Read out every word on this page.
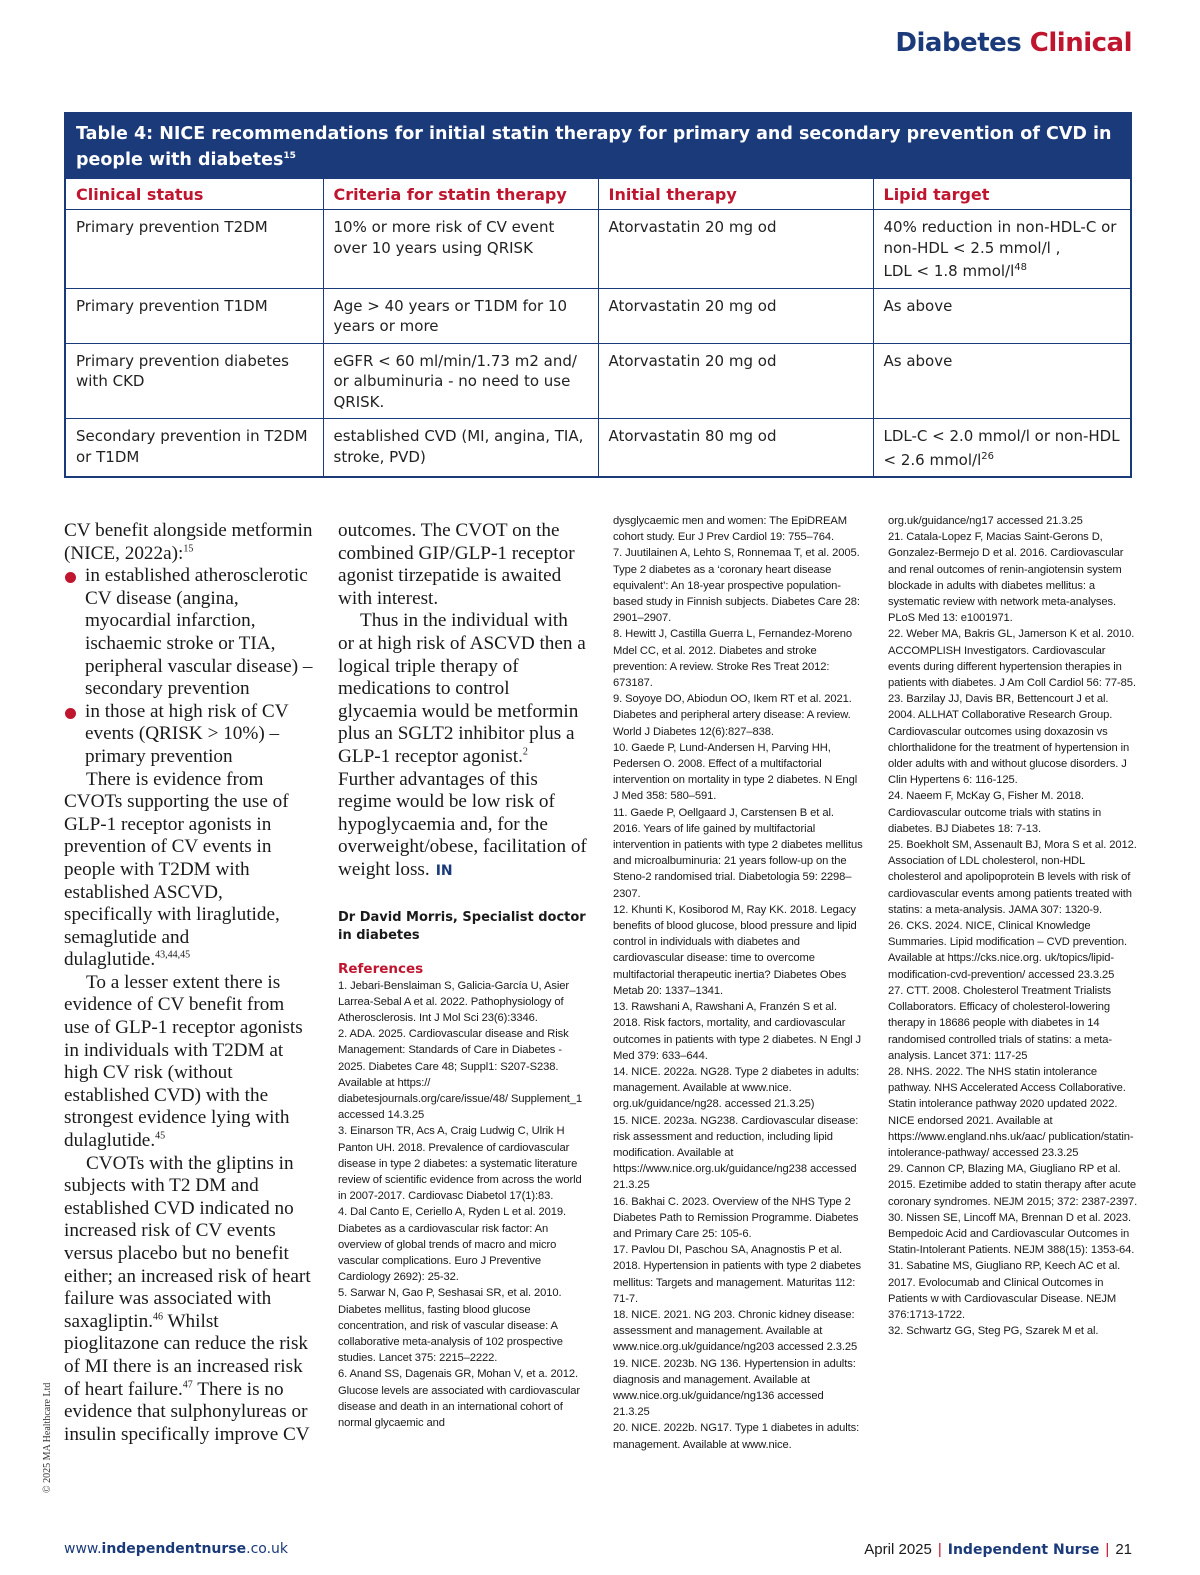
Diabetes Clinical
Table 4: NICE recommendations for initial statin therapy for primary and secondary prevention of CVD in people with diabetes$^{15}$
Clinical status	Criteria for statin therapy	Initial therapy	Lipid target
Primary prevention T2DM	10% or more risk of CV event over 10 years using QRISK	Atorvastatin 20 mg od	40% reduction in non-HDL-C or
non-HDL < 2.5 mmol/l ,
LDL < 1.8 mmol/$l^{48}$

Primary prevention T1DM	Age > 40 years or T1DM for 10 years or more	Atorvastatin 20 mg od	As above
Primary prevention diabetes with CKD	eGFR < 60 ml/min/1.73 m2 and/ or albuminuria - no need to use QRISK.	Atorvastatin 20 mg od	As above
Secondary prevention in T2DM or T1DM	established CVD (MI, angina, TIA, stroke, PVD)	Atorvastatin 80 mg od	LDL-C < 2.0 mmol/l or non-HDL < 2.6 mmol/$l^{26}$

CV benefit alongside metformin (NICE, 2022a):$^{15}$

in established atherosclerotic CV disease (angina, myocardial infarction, ischaemic stroke or TIA, peripheral vascular disease) – secondary prevention

in those at high risk of CV events (QRISK > 10%) – primary prevention

There is evidence from CVOTs supporting the use of GLP-1 receptor agonists in prevention of CV events in people with T2DM with established ASCVD, specifically with liraglutide, semaglutide and dulaglutide.$^{43,44,45}$

To a lesser extent there is evidence of CV benefit from use of GLP-1 receptor agonists in individuals with T2DM at high CV risk (without established CVD) with the strongest evidence lying with dulaglutide.$^{45}$

CVOTs with the gliptins in subjects with T2 DM and established CVD indicated no increased risk of CV events versus placebo but no benefit either; an increased risk of heart failure was associated with saxagliptin.$^{46}$ Whilst pioglitazone can reduce the risk of MI there is an increased risk of heart failure.$^{47}$ There is no evidence that sulphonylureas or insulin specifically improve CV

outcomes. The CVOT on the combined GIP/GLP-1 receptor agonist tirzepatide is awaited with interest.

Thus in the individual with or at high risk of ASCVD then a logical triple therapy of medications to control glycaemia would be metformin plus an SGLT2 inhibitor plus a GLP-1 receptor agonist.$^2$ Further advantages of this regime would be low risk of hypoglycaemia and, for the overweight/obese, facilitation of weight loss. IN

Dr David Morris, Specialist doctor
in diabetes
References

1. Jebari-Benslaiman S, Galicia-García U, Asier Larrea-Sebal A et al. 2022. Pathophysiology of Atherosclerosis. Int J Mol Sci 23(6):3346.

2. ADA. 2025. Cardiovascular disease and Risk Management: Standards of Care in Diabetes - 2025. Diabetes Care 48; Suppl1: S207-S238. Available at https:// diabetesjournals.org/care/issue/48/ Supplement_1 accessed 14.3.25

3. Einarson TR, Acs A, Craig Ludwig C, Ulrik H Panton UH. 2018. Prevalence of cardiovascular disease in type 2 diabetes: a systematic literature review of scientific evidence from across the world in 2007-2017. Cardiovasc Diabetol 17(1):83.

4. Dal Canto E, Ceriello A, Ryden L et al. 2019. Diabetes as a cardiovascular risk factor: An overview of global trends of macro and micro vascular complications. Euro J Preventive Cardiology 2692): 25-32.

5. Sarwar N, Gao P, Seshasai SR, et al. 2010. Diabetes mellitus, fasting blood glucose concentration, and risk of vascular disease: A collaborative meta-analysis of 102 prospective studies. Lancet 375: 2215–2222.

6. Anand SS, Dagenais GR, Mohan V, et a. 2012. Glucose levels are associated with cardiovascular disease and death in an international cohort of normal glycaemic and

dysglycaemic men and women: The EpiDREAM cohort study. Eur J Prev Cardiol 19: 755–764.

7. Juutilainen A, Lehto S, Ronnemaa T, et al. 2005. Type 2 diabetes as a ‘coronary heart disease equivalent’: An 18-year prospective population-based study in Finnish subjects. Diabetes Care 28: 2901–2907.

8. Hewitt J, Castilla Guerra L, Fernandez-Moreno Mdel CC, et al. 2012. Diabetes and stroke prevention: A review. Stroke Res Treat 2012: 673187.

9. Soyoye DO, Abiodun OO, Ikem RT et al. 2021. Diabetes and peripheral artery disease: A review. World J Diabetes 12(6):827–838.

10. Gaede P, Lund-Andersen H, Parving HH, Pedersen O. 2008. Effect of a multifactorial intervention on mortality in type 2 diabetes. N Engl J Med 358: 580–591.

11. Gaede P, Oellgaard J, Carstensen B et al. 2016. Years of life gained by multifactorial intervention in patients with type 2 diabetes mellitus and microalbuminuria: 21 years follow-up on the Steno-2 randomised trial. Diabetologia 59: 2298–2307.

12. Khunti K, Kosiborod M, Ray KK. 2018. Legacy benefits of blood glucose, blood pressure and lipid control in individuals with diabetes and cardiovascular disease: time to overcome multifactorial therapeutic inertia? Diabetes Obes Metab 20: 1337–1341.

13. Rawshani A, Rawshani A, Franzén S et al. 2018. Risk factors, mortality, and cardiovascular outcomes in patients with type 2 diabetes. N Engl J Med 379: 633–644.

14. NICE. 2022a. NG28. Type 2 diabetes in adults: management. Available at www.nice. org.uk/guidance/ng28. accessed 21.3.25)

15. NICE. 2023a. NG238. Cardiovascular disease: risk assessment and reduction, including lipid modification. Available at https://www.nice.org.uk/guidance/ng238 accessed 21.3.25

16. Bakhai C. 2023. Overview of the NHS Type 2 Diabetes Path to Remission Programme. Diabetes and Primary Care 25: 105-6.

17. Pavlou DI, Paschou SA, Anagnostis P et al. 2018. Hypertension in patients with type 2 diabetes mellitus: Targets and management. Maturitas 112: 71-7.

18. NICE. 2021. NG 203. Chronic kidney disease: assessment and management. Available at www.nice.org.uk/guidance/ng203 accessed 2.3.25

19. NICE. 2023b. NG 136. Hypertension in adults: diagnosis and management. Available at www.nice.org.uk/guidance/ng136 accessed 21.3.25

20. NICE. 2022b. NG17. Type 1 diabetes in adults: management. Available at www.nice.

org.uk/guidance/ng17 accessed 21.3.25

21. Catala-Lopez F, Macias Saint-Gerons D, Gonzalez-Bermejo D et al. 2016. Cardiovascular and renal outcomes of renin-angiotensin system blockade in adults with diabetes mellitus: a systematic review with network meta-analyses. PLoS Med 13: e1001971.

22. Weber MA, Bakris GL, Jamerson K et al. 2010. ACCOMPLISH Investigators. Cardiovascular events during different hypertension therapies in patients with diabetes. J Am Coll Cardiol 56: 77-85.

23. Barzilay JJ, Davis BR, Bettencourt J et al. 2004. ALLHAT Collaborative Research Group. Cardiovascular outcomes using doxazosin vs chlorthalidone for the treatment of hypertension in older adults with and without glucose disorders. J Clin Hypertens 6: 116-125.

24. Naeem F, McKay G, Fisher M. 2018. Cardiovascular outcome trials with statins in diabetes. BJ Diabetes 18: 7-13.

25. Boekholt SM, Assenault BJ, Mora S et al. 2012. Association of LDL cholesterol, non-HDL cholesterol and apolipoprotein B levels with risk of cardiovascular events among patients treated with statins: a meta-analysis. JAMA 307: 1320-9.

26. CKS. 2024. NICE, Clinical Knowledge Summaries. Lipid modification – CVD prevention. Available at https://cks.nice.org. uk/topics/lipid-modification-cvd-prevention/ accessed 23.3.25

27. CTT. 2008. Cholesterol Treatment Trialists Collaborators. Efficacy of cholesterol-lowering therapy in 18686 people with diabetes in 14 randomised controlled trials of statins: a meta-analysis. Lancet 371: 117-25

28. NHS. 2022. The NHS statin intolerance pathway. NHS Accelerated Access Collaborative. Statin intolerance pathway 2020 updated 2022. NICE endorsed 2021. Available at https://www.england.nhs.uk/aac/ publication/statin-intolerance-pathway/ accessed 23.3.25

29. Cannon CP, Blazing MA, Giugliano RP et al. 2015. Ezetimibe added to statin therapy after acute coronary syndromes. NEJM 2015; 372: 2387-2397.

30. Nissen SE, Lincoff MA, Brennan D et al. 2023. Bempedoic Acid and Cardiovascular Outcomes in Statin-Intolerant Patients. NEJM 388(15): 1353-64.

31. Sabatine MS, Giugliano RP, Keech AC et al. 2017. Evolocumab and Clinical Outcomes in Patients w with Cardiovascular Disease. NEJM 376:1713-1722.

32. Schwartz GG, Steg PG, Szarek M et al.

© 2025 MA Healthcare Ltd
www.independentnurse.co.uk	April 2025 | Independent Nurse | 21
